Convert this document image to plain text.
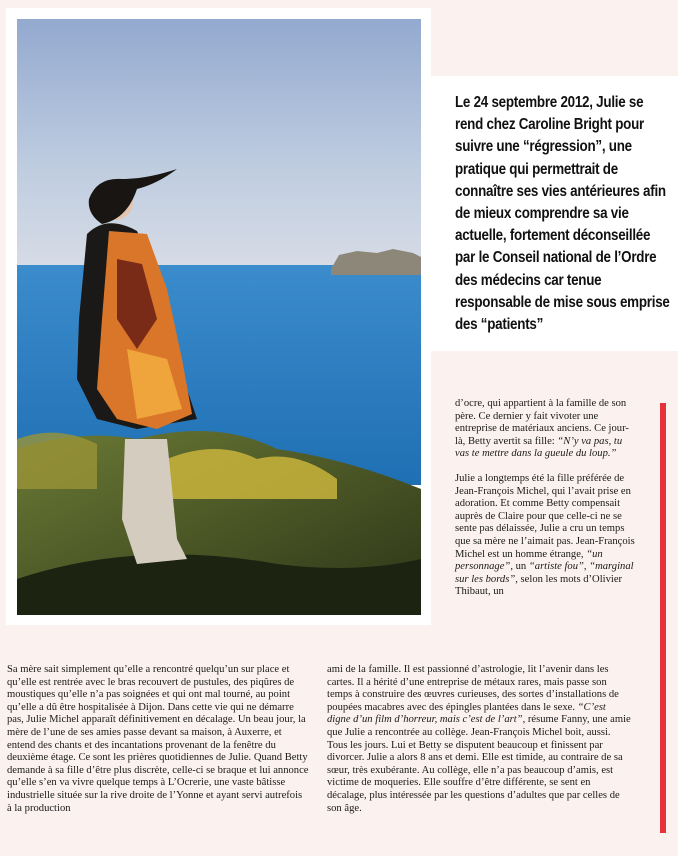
Le 24 septembre 2012, Julie se rend chez Caroline Bright pour suivre une “régression”, une pratique qui permettrait de connaître ses vies antérieures afin de mieux comprendre sa vie actuelle, fortement déconseillée par le Conseil national de l’Ordre des médecins car tenue responsable de mise sous emprise des “patients”

d’ocre, qui appartient à la famille de son père. Ce dernier y fait vivoter une entreprise de matériaux anciens. Ce jour-là, Betty avertit sa fille: “N’y va pas, tu vas te mettre dans la gueule du loup.”

Julie a longtemps été la fille préférée de Jean-François Michel, qui l’avait prise en adoration. Et comme Betty compensait auprès de Claire pour que celle-ci ne se sente pas délaissée, Julie a cru un temps que sa mère ne l’aimait pas. Jean-François Michel est un homme étrange, “un personnage”, un “artiste fou”, “marginal sur les bords”, selon les mots d’Olivier Thibaut, un

Sa mère sait simplement qu’elle a rencontré quelqu’un sur place et qu’elle est rentrée avec le bras recouvert de pustules, des piqûres de moustiques qu’elle n’a pas soignées et qui ont mal tourné, au point qu’elle a dû être hospitalisée à Dijon. Dans cette vie qui ne démarre pas, Julie Michel apparaît définitivement en décalage. Un beau jour, la mère de l’une de ses amies passe devant sa maison, à Auxerre, et entend des chants et des incantations provenant de la fenêtre du deuxième étage. Ce sont les prières quotidiennes de Julie. Quand Betty demande à sa fille d’être plus discrète, celle-ci se braque et lui annonce qu’elle s’en va vivre quelque temps à L’Ocrerie, une vaste bâtisse industrielle située sur la rive droite de l’Yonne et ayant servi autrefois à la production

ami de la famille. Il est passionné d’astrologie, lit l’avenir dans les cartes. Il a hérité d’une entreprise de métaux rares, mais passe son temps à construire des œuvres curieuses, des sortes d’installations de poupées macabres avec des épingles plantées dans le sexe. “C’est digne d’un film d’horreur, mais c’est de l’art”, résume Fanny, une amie que Julie a rencontrée au collège. Jean-François Michel boit, aussi. Tous les jours. Lui et Betty se disputent beaucoup et finissent par divorcer. Julie a alors 8 ans et demi. Elle est timide, au contraire de sa sœur, très exubérante. Au collège, elle n’a pas beaucoup d’amis, est victime de moqueries. Elle souffre d’être différente, se sent en décalage, plus intéressée par les questions d’adultes que par celles de son âge.
